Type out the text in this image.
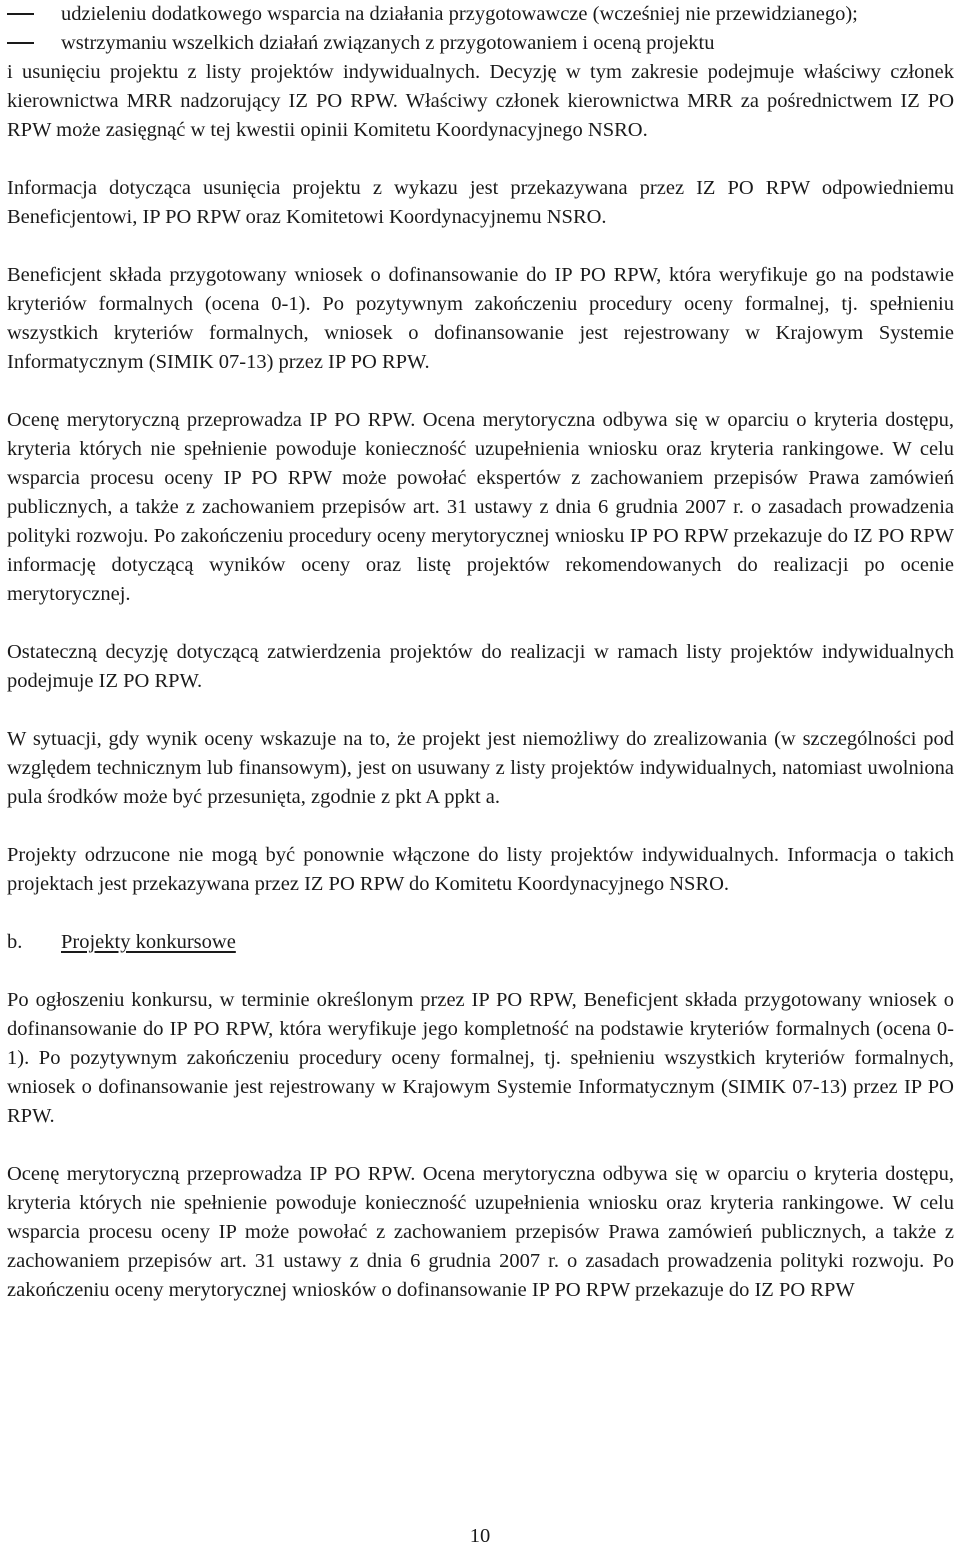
udzieleniu dodatkowego wsparcia na działania przygotowawcze (wcześniej nie przewidzianego);
wstrzymaniu wszelkich działań związanych z przygotowaniem i oceną projektu

i usunięciu projektu z listy projektów indywidualnych. Decyzję w tym zakresie podejmuje właściwy członek kierownictwa MRR nadzorujący IZ PO RPW. Właściwy członek kierownictwa MRR za pośrednictwem IZ PO RPW może zasięgnąć w tej kwestii opinii Komitetu Koordynacyjnego NSRO.

Informacja dotycząca usunięcia projektu z wykazu jest przekazywana przez IZ PO RPW odpowiedniemu Beneficjentowi, IP PO RPW oraz Komitetowi Koordynacyjnemu NSRO.

Beneficjent składa przygotowany wniosek o dofinansowanie do IP PO RPW, która weryfikuje go na podstawie kryteriów formalnych (ocena 0-1). Po pozytywnym zakończeniu procedury oceny formalnej, tj. spełnieniu wszystkich kryteriów formalnych, wniosek o dofinansowanie jest rejestrowany w Krajowym Systemie Informatycznym (SIMIK 07-13) przez IP PO RPW.

Ocenę merytoryczną przeprowadza IP PO RPW. Ocena merytoryczna odbywa się w oparciu o kryteria dostępu, kryteria których nie spełnienie powoduje konieczność uzupełnienia wniosku oraz kryteria rankingowe. W celu wsparcia procesu oceny IP PO RPW może powołać ekspertów z zachowaniem przepisów Prawa zamówień publicznych, a także z zachowaniem przepisów art. 31 ustawy z dnia 6 grudnia 2007 r. o zasadach prowadzenia polityki rozwoju. Po zakończeniu procedury oceny merytorycznej wniosku IP PO RPW przekazuje do IZ PO RPW informację dotyczącą wyników oceny oraz listę projektów rekomendowanych do realizacji po ocenie merytorycznej.

Ostateczną decyzję dotyczącą zatwierdzenia projektów do realizacji w ramach listy projektów indywidualnych podejmuje IZ PO RPW.

W sytuacji, gdy wynik oceny wskazuje na to, że projekt jest niemożliwy do zrealizowania (w szczególności pod względem technicznym lub finansowym), jest on usuwany z listy projektów indywidualnych, natomiast uwolniona pula środków może być przesunięta, zgodnie z pkt A ppkt a.

Projekty odrzucone nie mogą być ponownie włączone do listy projektów indywidualnych. Informacja o takich projektach jest przekazywana przez IZ PO RPW do Komitetu Koordynacyjnego NSRO.

b. Projekty konkursowe

Po ogłoszeniu konkursu, w terminie określonym przez IP PO RPW, Beneficjent składa przygotowany wniosek o dofinansowanie do IP PO RPW, która weryfikuje jego kompletność na podstawie kryteriów formalnych (ocena 0-1). Po pozytywnym zakończeniu procedury oceny formalnej, tj. spełnieniu wszystkich kryteriów formalnych, wniosek o dofinansowanie jest rejestrowany w Krajowym Systemie Informatycznym (SIMIK 07-13) przez IP PO RPW.

Ocenę merytoryczną przeprowadza IP PO RPW. Ocena merytoryczna odbywa się w oparciu o kryteria dostępu, kryteria których nie spełnienie powoduje konieczność uzupełnienia wniosku oraz kryteria rankingowe. W celu wsparcia procesu oceny IP może powołać z zachowaniem przepisów Prawa zamówień publicznych, a także z zachowaniem przepisów art. 31 ustawy z dnia 6 grudnia 2007 r. o zasadach prowadzenia polityki rozwoju. Po zakończeniu oceny merytorycznej wniosków o dofinansowanie IP PO RPW przekazuje do IZ PO RPW

10
